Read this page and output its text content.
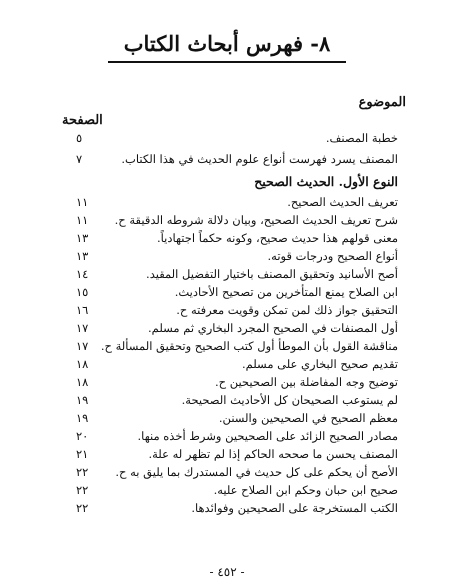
٨- فهرس أبحاث الكتاب
الموضوع
الصفحة
خطبة المصنف.
٥
المصنف يسرد فهرست أنواع علوم الحديث في هذا الكتاب.
٧
النوع الأول. الحديث الصحيح
تعريف الحديث الصحيح.
١١
شرح تعريف الحديث الصحيح، وبيان دلالة شروطه الدقيقة ح.
١١
معنى قولهم هذا حديث صحيح، وكونه حكماً اجتهادياً.
١٣
أنواع الصحيح ودرجات قوته.
١٣
أصح الأسانيد وتحقيق المصنف باختيار التفضيل المقيد.
١٤
ابن الصلاح يمنع المتأخرين من تصحيح الأحاديث.
١٥
التحقيق جواز ذلك لمن تمكن وقويت معرفته ح.
١٦
أول المصنفات في الصحيح المجرد البخاري ثم مسلم.
١٧
مناقشة القول بأن الموطأ أول كتب الصحيح وتحقيق المسألة ح.
١٧
تقديم صحيح البخاري على مسلم.
١٨
توضيح وجه المفاضلة بين الصحيحين ح.
١٨
لم يستوعب الصحيحان كل الأحاديث الصحيحة.
١٩
معظم الصحيح في الصحيحين والسنن.
١٩
مصادر الصحيح الزائد على الصحيحين وشرط أخذه منها.
٢٠
المصنف يحسن ما صححه الحاكم إذا لم تظهر له علة.
٢١
الأصح أن يحكم على كل حديث في المستدرك بما يليق به ح.
٢٢
صحيح ابن حبان وحكم ابن الصلاح عليه.
٢٢
الكتب المستخرجة على الصحيحين وفوائدها.
٢٢
- ٤٥٢ -
